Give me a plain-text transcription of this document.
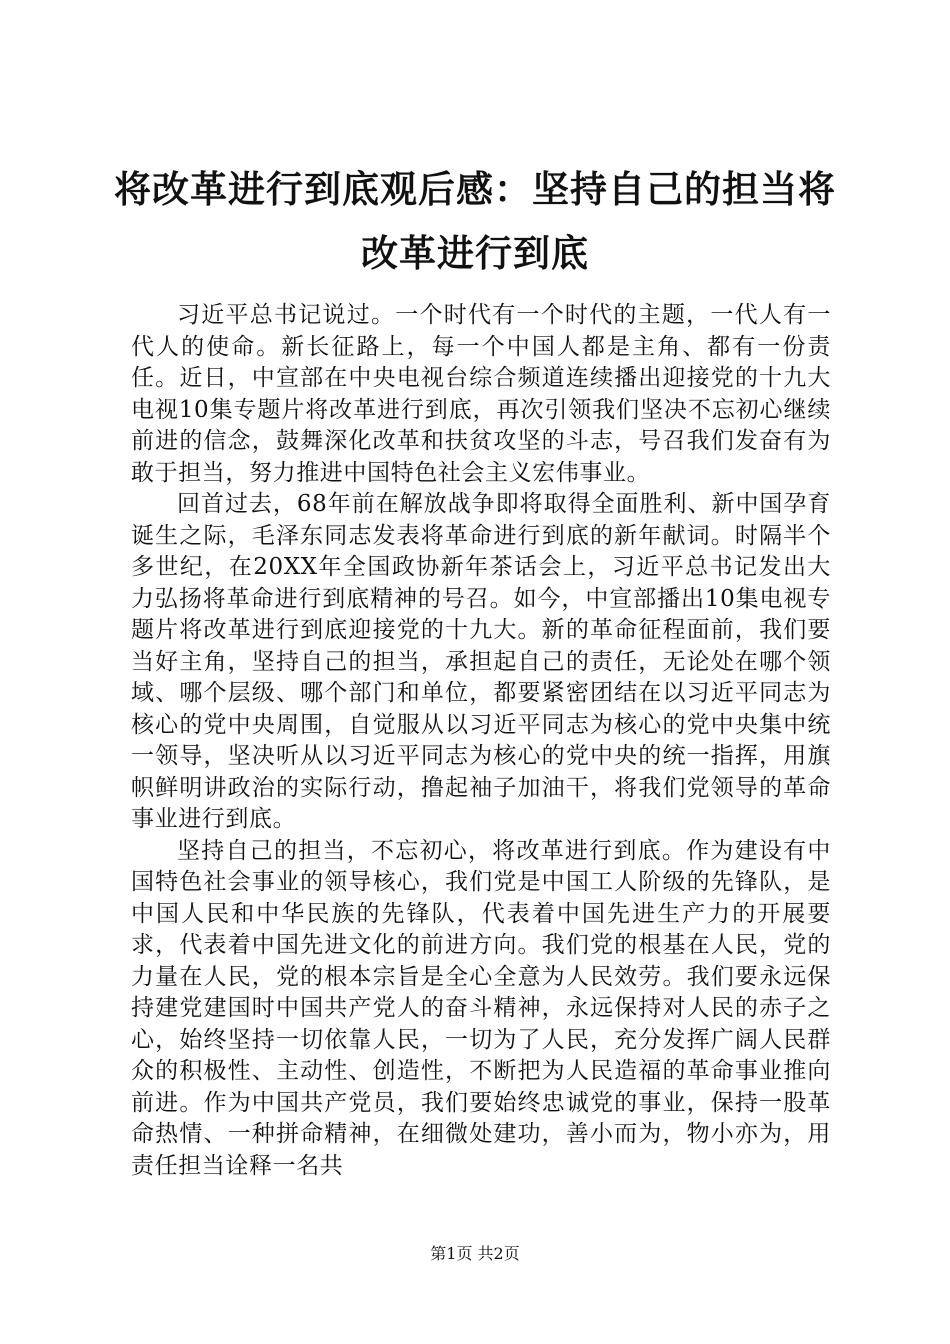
将改革进行到底观后感：坚持自己的担当将改革进行到底

习近平总书记说过。一个时代有一个时代的主题，一代人有一代人的使命。新长征路上，每一个中国人都是主角、都有一份责任。近日，中宣部在中央电视台综合频道连续播出迎接党的十九大电视10集专题片将改革进行到底，再次引领我们坚决不忘初心继续前进的信念，鼓舞深化改革和扶贫攻坚的斗志，号召我们发奋有为敢于担当，努力推进中国特色社会主义宏伟事业。

回首过去，68年前在解放战争即将取得全面胜利、新中国孕育诞生之际，毛泽东同志发表将革命进行到底的新年献词。时隔半个多世纪，在20XX年全国政协新年茶话会上，习近平总书记发出大力弘扬将革命进行到底精神的号召。如今，中宣部播出10集电视专题片将改革进行到底迎接党的十九大。新的革命征程面前，我们要当好主角，坚持自己的担当，承担起自己的责任，无论处在哪个领域、哪个层级、哪个部门和单位，都要紧密团结在以习近平同志为核心的党中央周围，自觉服从以习近平同志为核心的党中央集中统一领导，坚决听从以习近平同志为核心的党中央的统一指挥，用旗帜鲜明讲政治的实际行动，撸起袖子加油干，将我们党领导的革命事业进行到底。

坚持自己的担当，不忘初心，将改革进行到底。作为建设有中国特色社会事业的领导核心，我们党是中国工人阶级的先锋队，是中国人民和中华民族的先锋队，代表着中国先进生产力的开展要求，代表着中国先进文化的前进方向。我们党的根基在人民，党的力量在人民，党的根本宗旨是全心全意为人民效劳。我们要永远保持建党建国时中国共产党人的奋斗精神，永远保持对人民的赤子之心，始终坚持一切依靠人民，一切为了人民，充分发挥广阔人民群众的积极性、主动性、创造性，不断把为人民造福的革命事业推向前进。作为中国共产党员，我们要始终忠诚党的事业，保持一股革命热情、一种拼命精神，在细微处建功，善小而为，物小亦为，用责任担当诠释一名共

第1页 共2页
